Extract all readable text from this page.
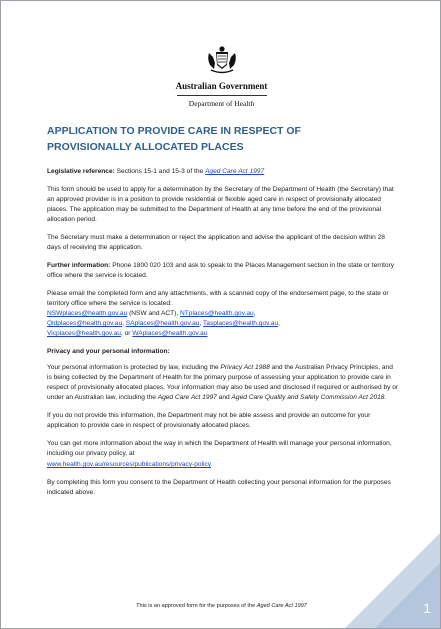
Australian Government
Department of Health
APPLICATION TO PROVIDE CARE IN RESPECT OF PROVISIONALLY ALLOCATED PLACES

Legislative reference: Sections 15-1 and 15-3 of the Aged Care Act 1997

This form should be used to apply for a determination by the Secretary of the Department of Health (the Secretary) that an approved provider is in a position to provide residential or flexible aged care in respect of provisionally allocated places. The application may be submitted to the Department of Health at any time before the end of the provisional allocation period.

The Secretary must make a determination or reject the application and advise the applicant of the decision within 28 days of receiving the application.

Further information: Phone 1800 020 103 and ask to speak to the Places Management section in the state or territory office where the service is located.

Please email the completed form and any attachments, with a scanned copy of the endorsement page, to the state or territory office where the service is located:
NSWplaces@health.gov.au (NSW and ACT), NTplaces@health.gov.au,
Qldplaces@health.gov.au, SAplaces@health.gov.au, Tasplaces@health.gov.au,
Vicplaces@health.gov.au, or WAplaces@health.gov.au

Privacy and your personal information:

Your personal information is protected by law, including the Privacy Act 1988 and the Australian Privacy Principles, and is being collected by the Department of Health for the primary purpose of assessing your application to provide care in respect of provisionally allocated places. Your information may also be used and disclosed if required or authorised by or under an Australian law, including the Aged Care Act 1997 and Aged Care Quality and Safety Commission Act 2018.

If you do not provide this information, the Department may not be able assess and provide an outcome for your application to provide care in respect of provisionally allocated places.

You can get more information about the way in which the Department of Health will manage your personal information, including our privacy policy, at

www.health.gov.au/resources/publications/privacy-policy

By completing this form you consent to the Department of Health collecting your personal information for the purposes indicated above.

This is an approved form for the purposes of the Aged Care Act 1997	1
